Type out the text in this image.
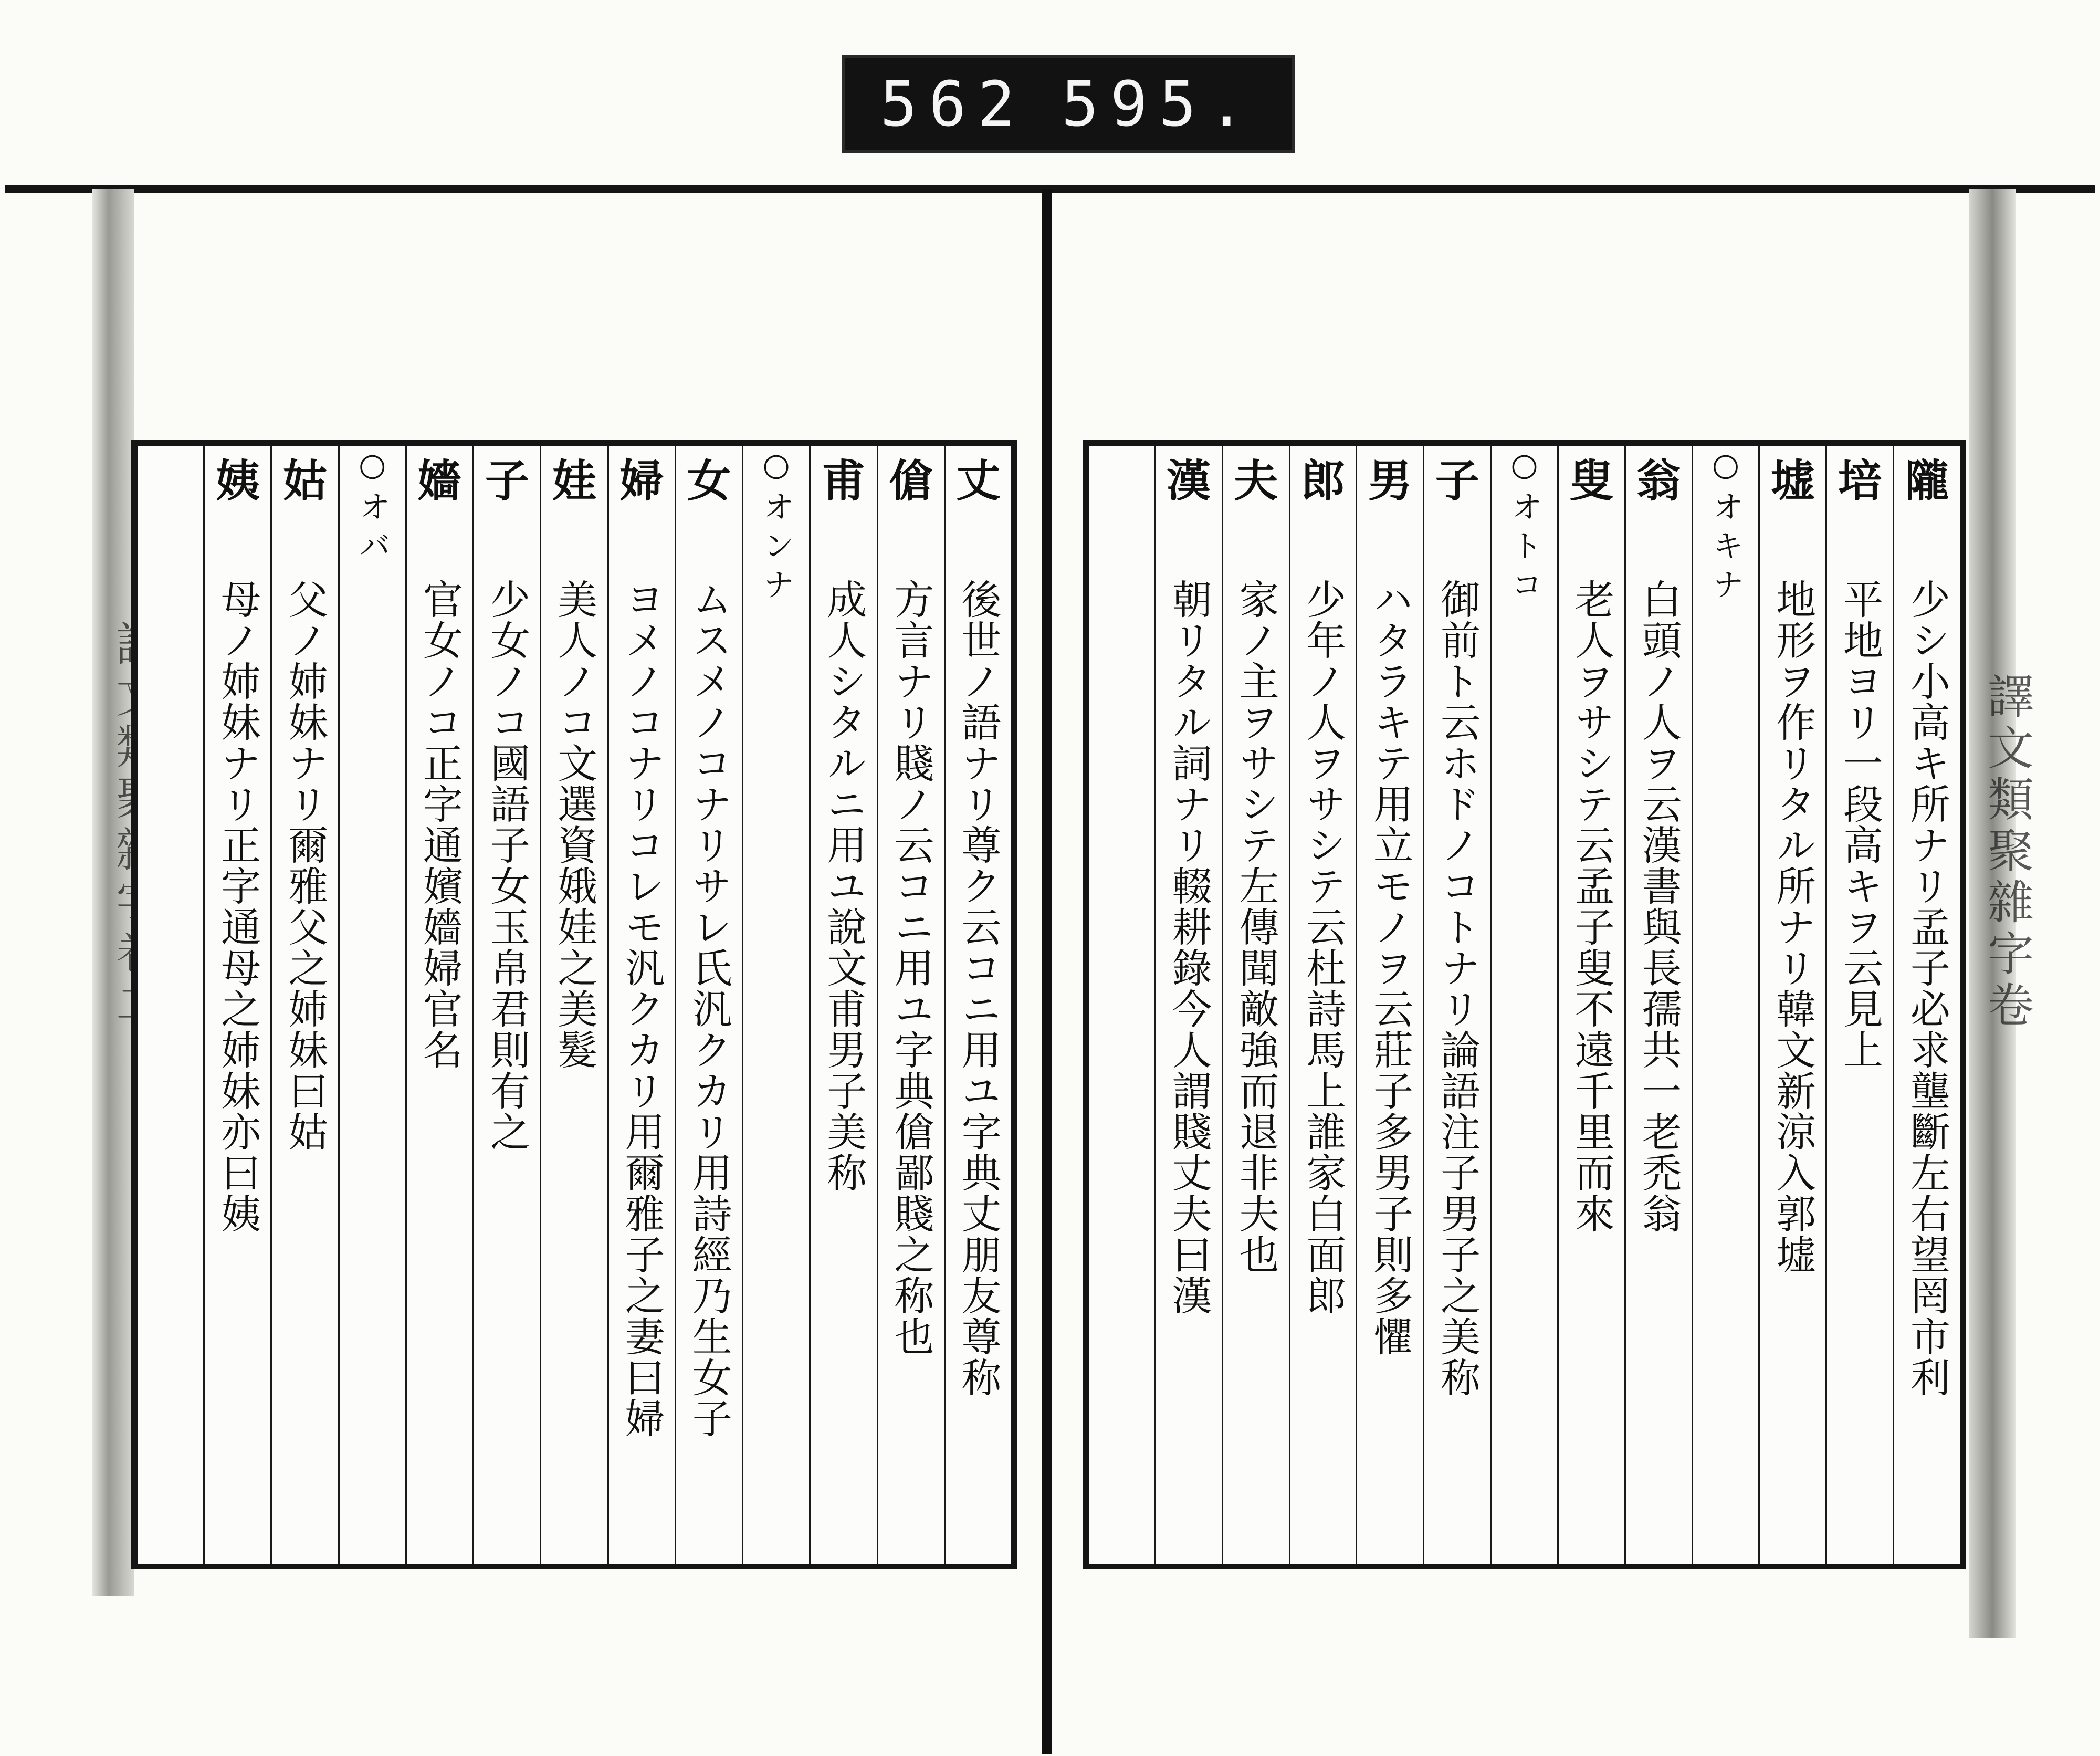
562 595.
譯文類聚雜字卷
隴
少シ小高キ所ナリ孟子必求壟斷左右望罔市利
培
平地ヨリ一段高キヲ云見上
墟
地形ヲ作リタル所ナリ韓文新涼入郭墟
○オキナ
翁
白頭ノ人ヲ云漢書與長孺共一老禿翁
叟
老人ヲサシテ云孟子叟不遠千里而來
○オトコ
子
御前ト云ホドノコトナリ論語注子男子之美称
男
ハタラキテ用立モノヲ云莊子多男子則多懼
郎
少年ノ人ヲサシテ云杜詩馬上誰家白面郎
夫
家ノ主ヲサシテ左傳聞敵強而退非夫也
漢
朝リタル詞ナリ輟耕錄今人謂賤丈夫曰漢
丈
後世ノ語ナリ尊ク云コニ用ユ字典丈朋友尊称
傖
方言ナリ賤ノ云コニ用ユ字典傖鄙賤之称也
甫
成人シタルニ用ユ說文甫男子美称
○オンナ
女
ムスメノコナリサレ氏汎クカリ用詩經乃生女子
婦
ヨメノコナリコレモ汎クカリ用爾雅子之妻曰婦
娃
美人ノコ文選資娥娃之美髮
子
少女ノコ國語子女玉帛君則有之
嬙
官女ノコ正字通嬪嬙婦官名
○オバ
姑
父ノ姉妹ナリ爾雅父之姉妹曰姑
姨
母ノ姉妹ナリ正字通母之姉妹亦曰姨
